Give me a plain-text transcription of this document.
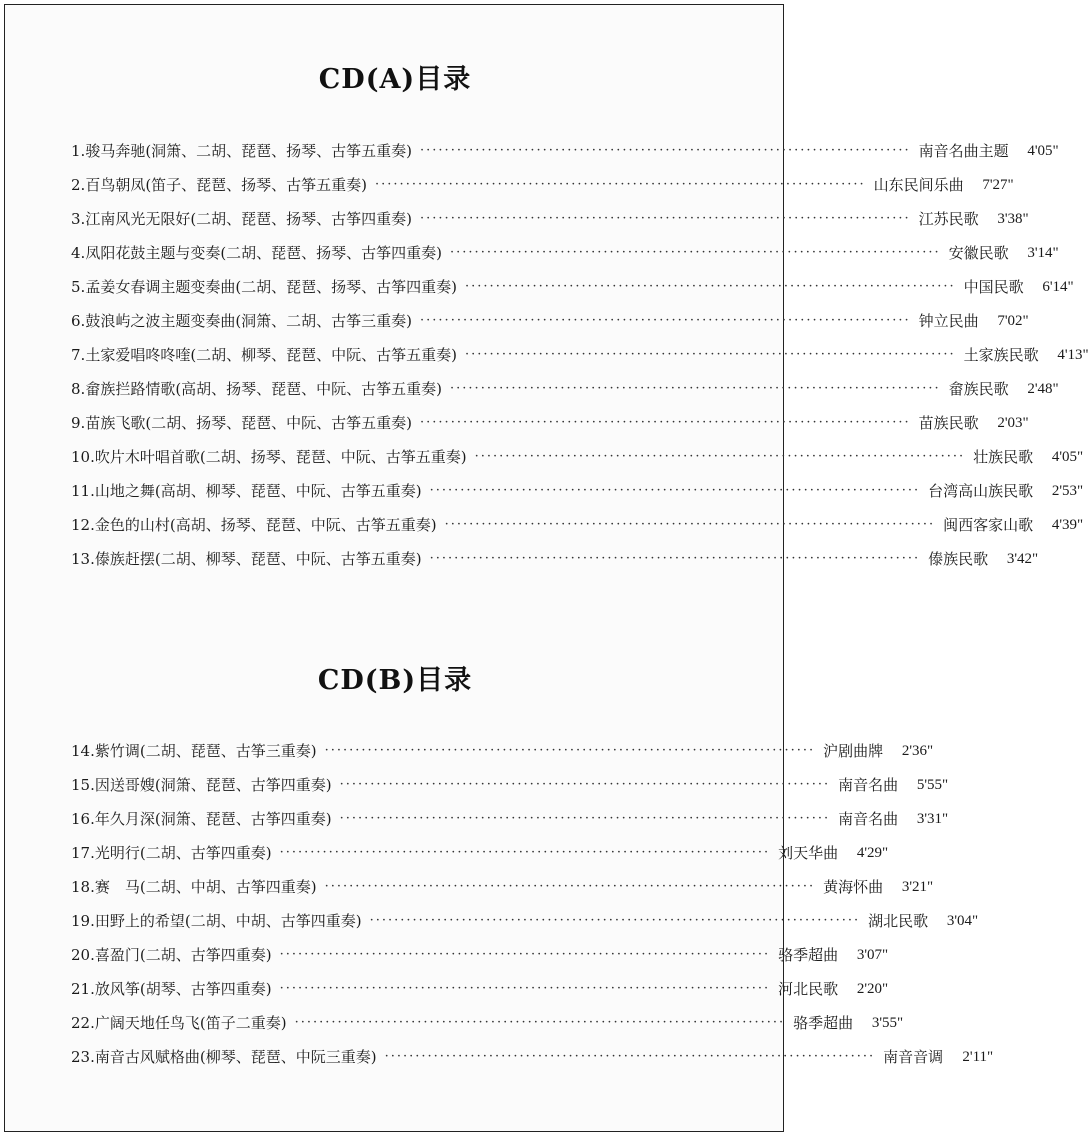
CD(A)目录
1. 骏马奔驰(洞箫、二胡、琵琶、扬琴、古筝五重奏) ················································································ 南音名曲主题	4'05"
2. 百鸟朝凤(笛子、琵琶、扬琴、古筝五重奏) ················································································ 山东民间乐曲	7'27"
3. 江南风光无限好(二胡、琵琶、扬琴、古筝四重奏) ················································································ 江苏民歌	3'38"
4. 凤阳花鼓主题与变奏(二胡、琵琶、扬琴、古筝四重奏) ················································································ 安徽民歌	3'14"
5. 孟姜女春调主题变奏曲(二胡、琵琶、扬琴、古筝四重奏) ················································································ 中国民歌	6'14"
6. 鼓浪屿之波主题变奏曲(洞箫、二胡、古筝三重奏) ················································································ 钟立民曲	7'02"
7. 土家爱唱咚咚喹(二胡、柳琴、琵琶、中阮、古筝五重奏) ················································································ 土家族民歌	4'13"
8. 畲族拦路情歌(高胡、扬琴、琵琶、中阮、古筝五重奏) ················································································ 畲族民歌	2'48"
9. 苗族飞歌(二胡、扬琴、琵琶、中阮、古筝五重奏) ················································································ 苗族民歌	2'03"
10. 吹片木叶唱首歌(二胡、扬琴、琵琶、中阮、古筝五重奏) ················································································ 壮族民歌	4'05"
11. 山地之舞(高胡、柳琴、琵琶、中阮、古筝五重奏) ················································································ 台湾高山族民歌	2'53"
12. 金色的山村(高胡、扬琴、琵琶、中阮、古筝五重奏) ················································································ 闽西客家山歌	4'39"
13. 傣族赶摆(二胡、柳琴、琵琶、中阮、古筝五重奏) ················································································ 傣族民歌	3'42"
CD(B)目录
14. 紫竹调(二胡、琵琶、古筝三重奏) ················································································ 沪剧曲牌	2'36"
15. 因送哥嫂(洞箫、琵琶、古筝四重奏) ················································································ 南音名曲	5'55"
16. 年久月深(洞箫、琵琶、古筝四重奏) ················································································ 南音名曲	3'31"
17. 光明行(二胡、古筝四重奏) ················································································ 刘天华曲	4'29"
18. 赛　马(二胡、中胡、古筝四重奏) ················································································ 黄海怀曲	3'21"
19. 田野上的希望(二胡、中胡、古筝四重奏) ················································································ 湖北民歌	3'04"
20. 喜盈门(二胡、古筝四重奏) ················································································ 骆季超曲	3'07"
21. 放风筝(胡琴、古筝四重奏) ················································································ 河北民歌	2'20"
22. 广阔天地任鸟飞(笛子二重奏) ················································································ 骆季超曲	3'55"
23. 南音古风赋格曲(柳琴、琵琶、中阮三重奏) ················································································ 南音音调	2'11"
